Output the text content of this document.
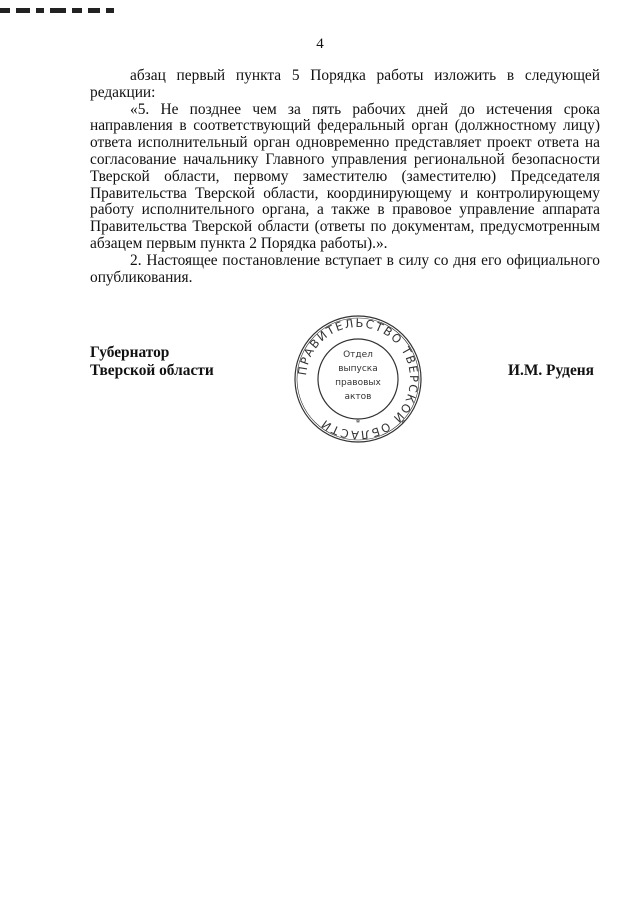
4

абзац первый пункта 5 Порядка работы изложить в следующей редакции:

«5. Не позднее чем за пять рабочих дней до истечения срока направления в соответствующий федеральный орган (должностному лицу) ответа исполнительный орган одновременно представляет проект ответа на согласование начальнику Главного управления региональной безопасности Тверской области, первому заместителю (заместителю) Председателя Правительства Тверской области, координирующему и контролирующему работу исполнительного органа, а также в правовое управление аппарата Правительства Тверской области (ответы по документам, предусмотренным абзацем первым пункта 2 Порядка работы).».

2. Настоящее постановление вступает в силу со дня его официального опубликования.

Губернатор
Тверской области	ПРАВИТЕЛЬСТВО ТВЕРСКОЙ ОБЛАСТИ	*
Отдел
выпуска
правовых
актов
И.М. Руденя
